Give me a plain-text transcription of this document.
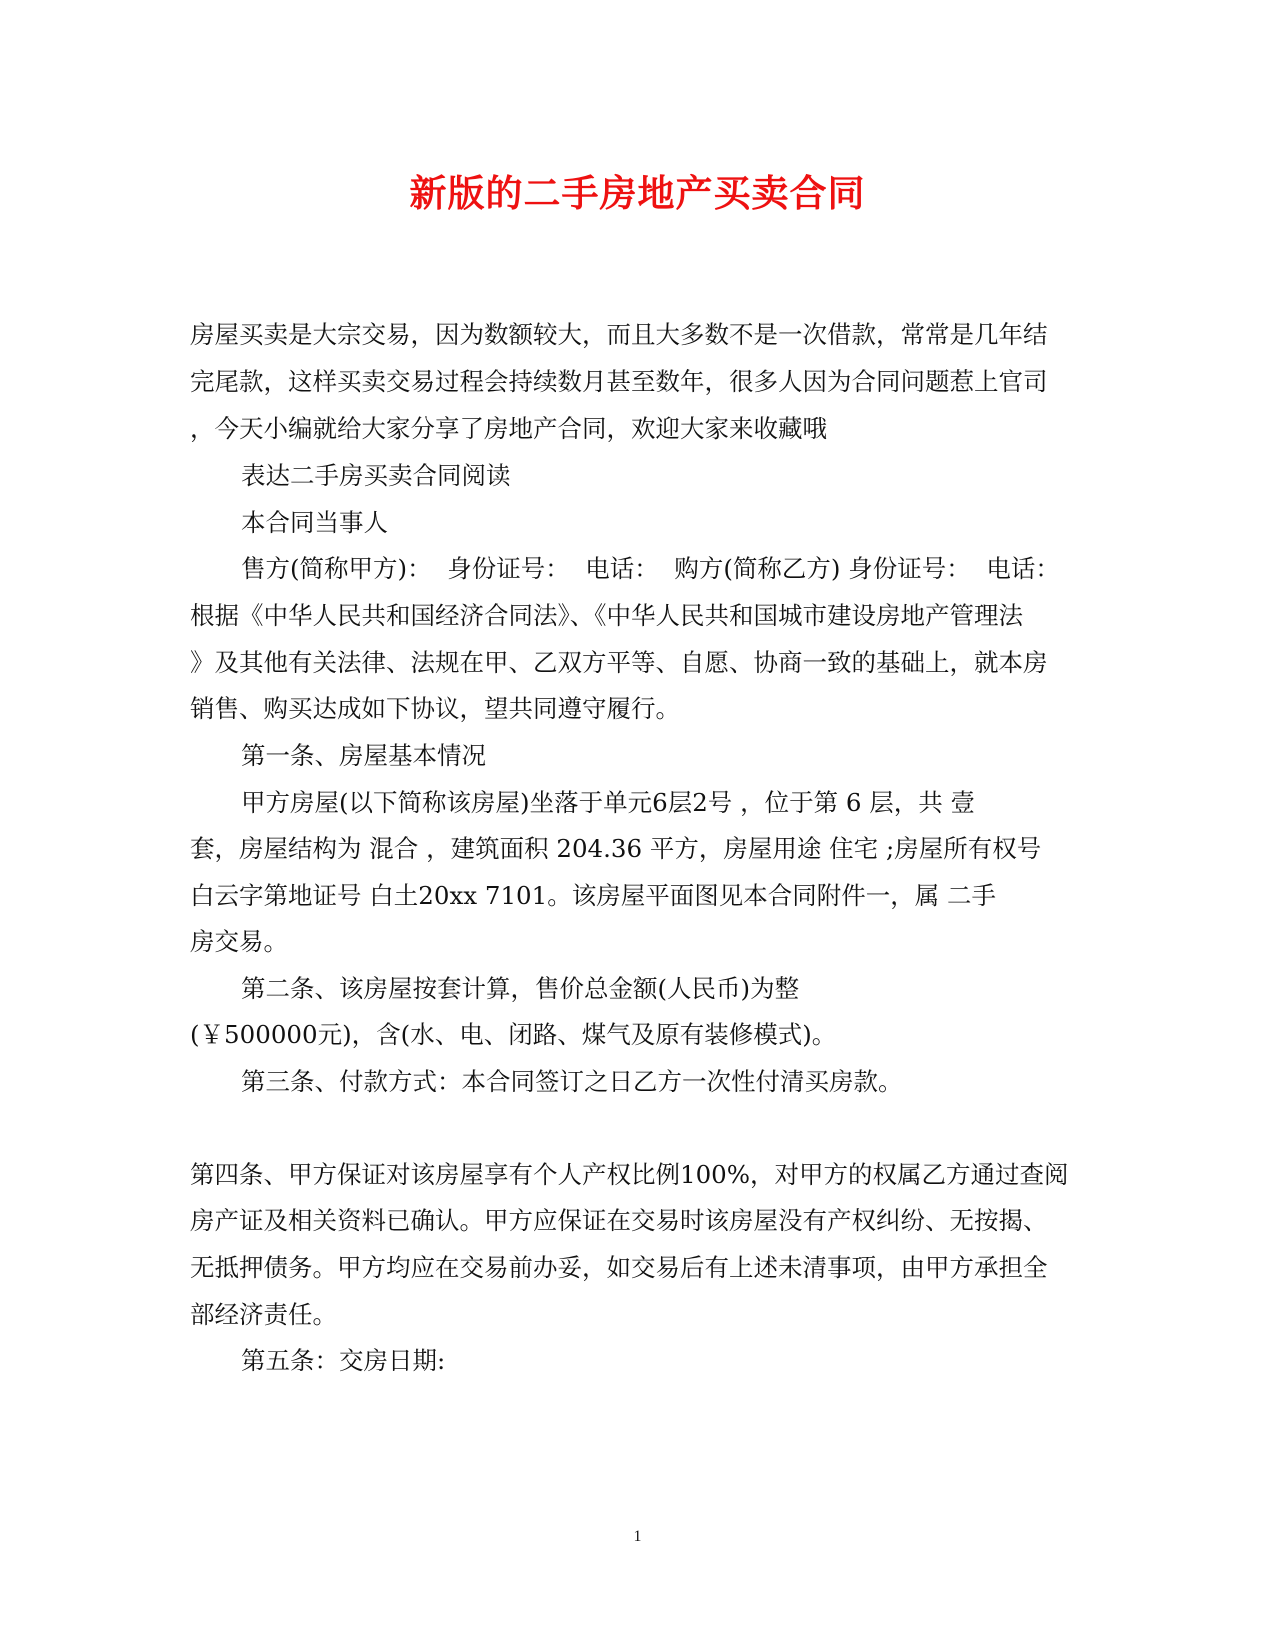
新版的二手房地产买卖合同
房屋买卖是大宗交易，因为数额较大，而且大多数不是一次借款，常常是几年结
完尾款，这样买卖交易过程会持续数月甚至数年，很多人因为合同问题惹上官司
，今天小编就给大家分享了房地产合同，欢迎大家来收藏哦
表达二手房买卖合同阅读
本合同当事人
售方(简称甲方)：  身份证号：  电话：  购方(简称乙方) 身份证号：  电话：
根据《中华人民共和国经济合同法》、《中华人民共和国城市建设房地产管理法
》及其他有关法律、法规在甲、乙双方平等、自愿、协商一致的基础上，就本房
销售、购买达成如下协议，望共同遵守履行。
第一条、房屋基本情况
甲方房屋(以下简称该房屋)坐落于单元6层2号 ，位于第 6 层，共 壹
套，房屋结构为 混合 ，建筑面积 204.36 平方，房屋用途 住宅 ;房屋所有权号
白云字第地证号 白土20xx 7101。该房屋平面图见本合同附件一，属 二手
房交易。
第二条、该房屋按套计算，售价总金额(人民币)为整
(￥500000元)，含(水、电、闭路、煤气及原有装修模式)。
第三条、付款方式：本合同签订之日乙方一次性付清买房款。
第四条、甲方保证对该房屋享有个人产权比例100%，对甲方的权属乙方通过查阅
房产证及相关资料已确认。甲方应保证在交易时该房屋没有产权纠纷、无按揭、
无抵押债务。甲方均应在交易前办妥，如交易后有上述未清事项，由甲方承担全
部经济责任。
第五条：交房日期:
1
